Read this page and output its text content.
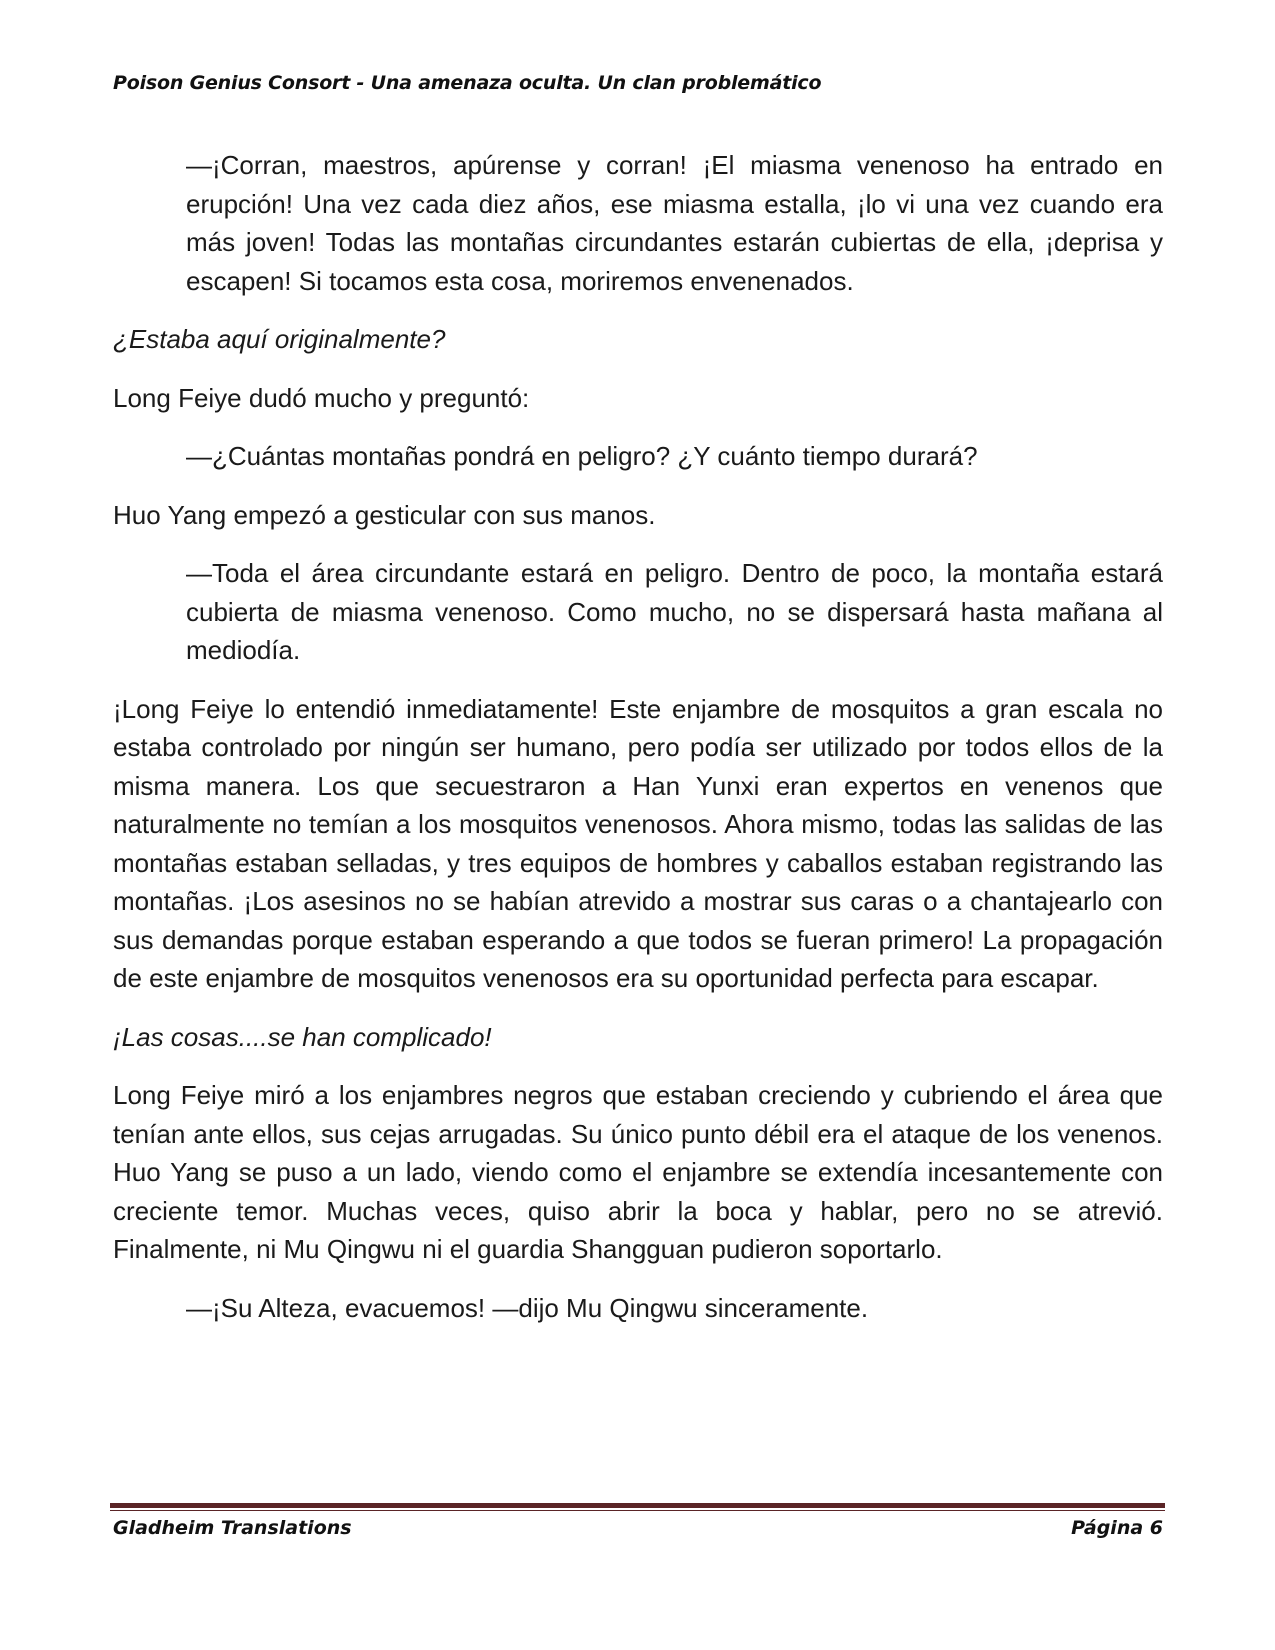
Poison Genius Consort - Una amenaza oculta. Un clan problemático

—¡Corran, maestros, apúrense y corran! ¡El miasma venenoso ha entrado en erupción! Una vez cada diez años, ese miasma estalla, ¡lo vi una vez cuando era más joven! Todas las montañas circundantes estarán cubiertas de ella, ¡deprisa y escapen! Si tocamos esta cosa, moriremos envenenados.

¿Estaba aquí originalmente?

Long Feiye dudó mucho y preguntó:

—¿Cuántas montañas pondrá en peligro? ¿Y cuánto tiempo durará?

Huo Yang empezó a gesticular con sus manos.

—Toda el área circundante estará en peligro. Dentro de poco, la montaña estará cubierta de miasma venenoso. Como mucho, no se dispersará hasta mañana al mediodía.

¡Long Feiye lo entendió inmediatamente! Este enjambre de mosquitos a gran escala no estaba controlado por ningún ser humano, pero podía ser utilizado por todos ellos de la misma manera. Los que secuestraron a Han Yunxi eran expertos en venenos que naturalmente no temían a los mosquitos venenosos. Ahora mismo, todas las salidas de las montañas estaban selladas, y tres equipos de hombres y caballos estaban registrando las montañas. ¡Los asesinos no se habían atrevido a mostrar sus caras o a chantajearlo con sus demandas porque estaban esperando a que todos se fueran primero! La propagación de este enjambre de mosquitos venenosos era su oportunidad perfecta para escapar.

¡Las cosas....se han complicado!

Long Feiye miró a los enjambres negros que estaban creciendo y cubriendo el área que tenían ante ellos, sus cejas arrugadas. Su único punto débil era el ataque de los venenos. Huo Yang se puso a un lado, viendo como el enjambre se extendía incesantemente con creciente temor. Muchas veces, quiso abrir la boca y hablar, pero no se atrevió. Finalmente, ni Mu Qingwu ni el guardia Shangguan pudieron soportarlo.

—¡Su Alteza, evacuemos! —dijo Mu Qingwu sinceramente.

Gladheim Translations	Página 6
